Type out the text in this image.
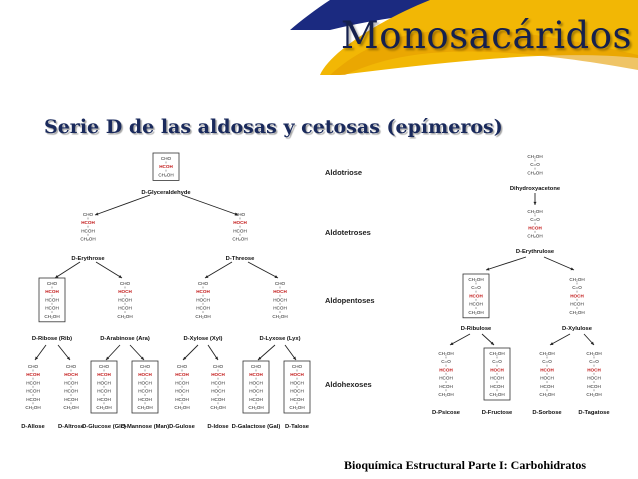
Monosacáridos
Serie D de las aldosas y cetosas (epímeros)
Aldotriose
Aldotetroses
Aldopentoses
Aldohexoses
D-Glyceraldehyde
D-Erythrose	D-Threose
D-Ribose (Rib)	D-Arabinose (Ara)	D-Xylose (Xyl)	D-Lyxose (Lyx)
D-Allose D-Altrose
D-Glucose (Glc)
D-Mannose (Man) D-Gulose D-Idose D-Galactose (Gal) D-Talose
Dihydroxyacetone
D-Erythrulose
D-Ribulose	D-Xylulose
D-Psicose	D-Fructose	D-Sorbose	D-Tagatose
CHO
HCOH
CH₂OH
CHO
HCOH
HCOH
CH₂OH
CHO
HOCH
HCOH
CH₂OH
CHO
HCOH
HCOH
HCOH
CH₂OH
CHO
HOCH
HCOH
HCOH
CH₂OH
CHO
HCOH
HOCH
HCOH
CH₂OH
CHO
HOCH
HOCH
HCOH
CH₂OH
CHO
HCOH
HCOH
HCOH
HCOH
CH₂OH
CHO
HOCH
HCOH
HCOH
HCOH
CH₂OH
CHO
HCOH
HOCH
HCOH
HCOH
CH₂OH
CHO
HOCH
HOCH
HCOH
HCOH
CH₂OH
CHO
HCOH
HCOH
HOCH
HCOH
CH₂OH
CHO
HOCH
HCOH
HOCH
HCOH
CH₂OH
CHO
HCOH
HOCH
HOCH
HCOH
CH₂OH
CHO
HOCH
HOCH
HOCH
HCOH
CH₂OH
CH₂OH
C=O
CH₂OH
CH₂OH
C=O
HCOH
CH₂OH
CH₂OH
C=O
HCOH
HCOH
CH₂OH
CH₂OH
C=O
HOCH
HCOH
CH₂OH
CH₂OH
C=O
HCOH
HCOH
HCOH
CH₂OH
CH₂OH
C=O
HOCH
HCOH
HCOH
CH₂OH
CH₂OH
C=O
HCOH
HOCH
HCOH
CH₂OH
CH₂OH
C=O
HOCH
HOCH
HCOH
CH₂OH
Bioquímica Estructural Parte I: Carbohidratos
